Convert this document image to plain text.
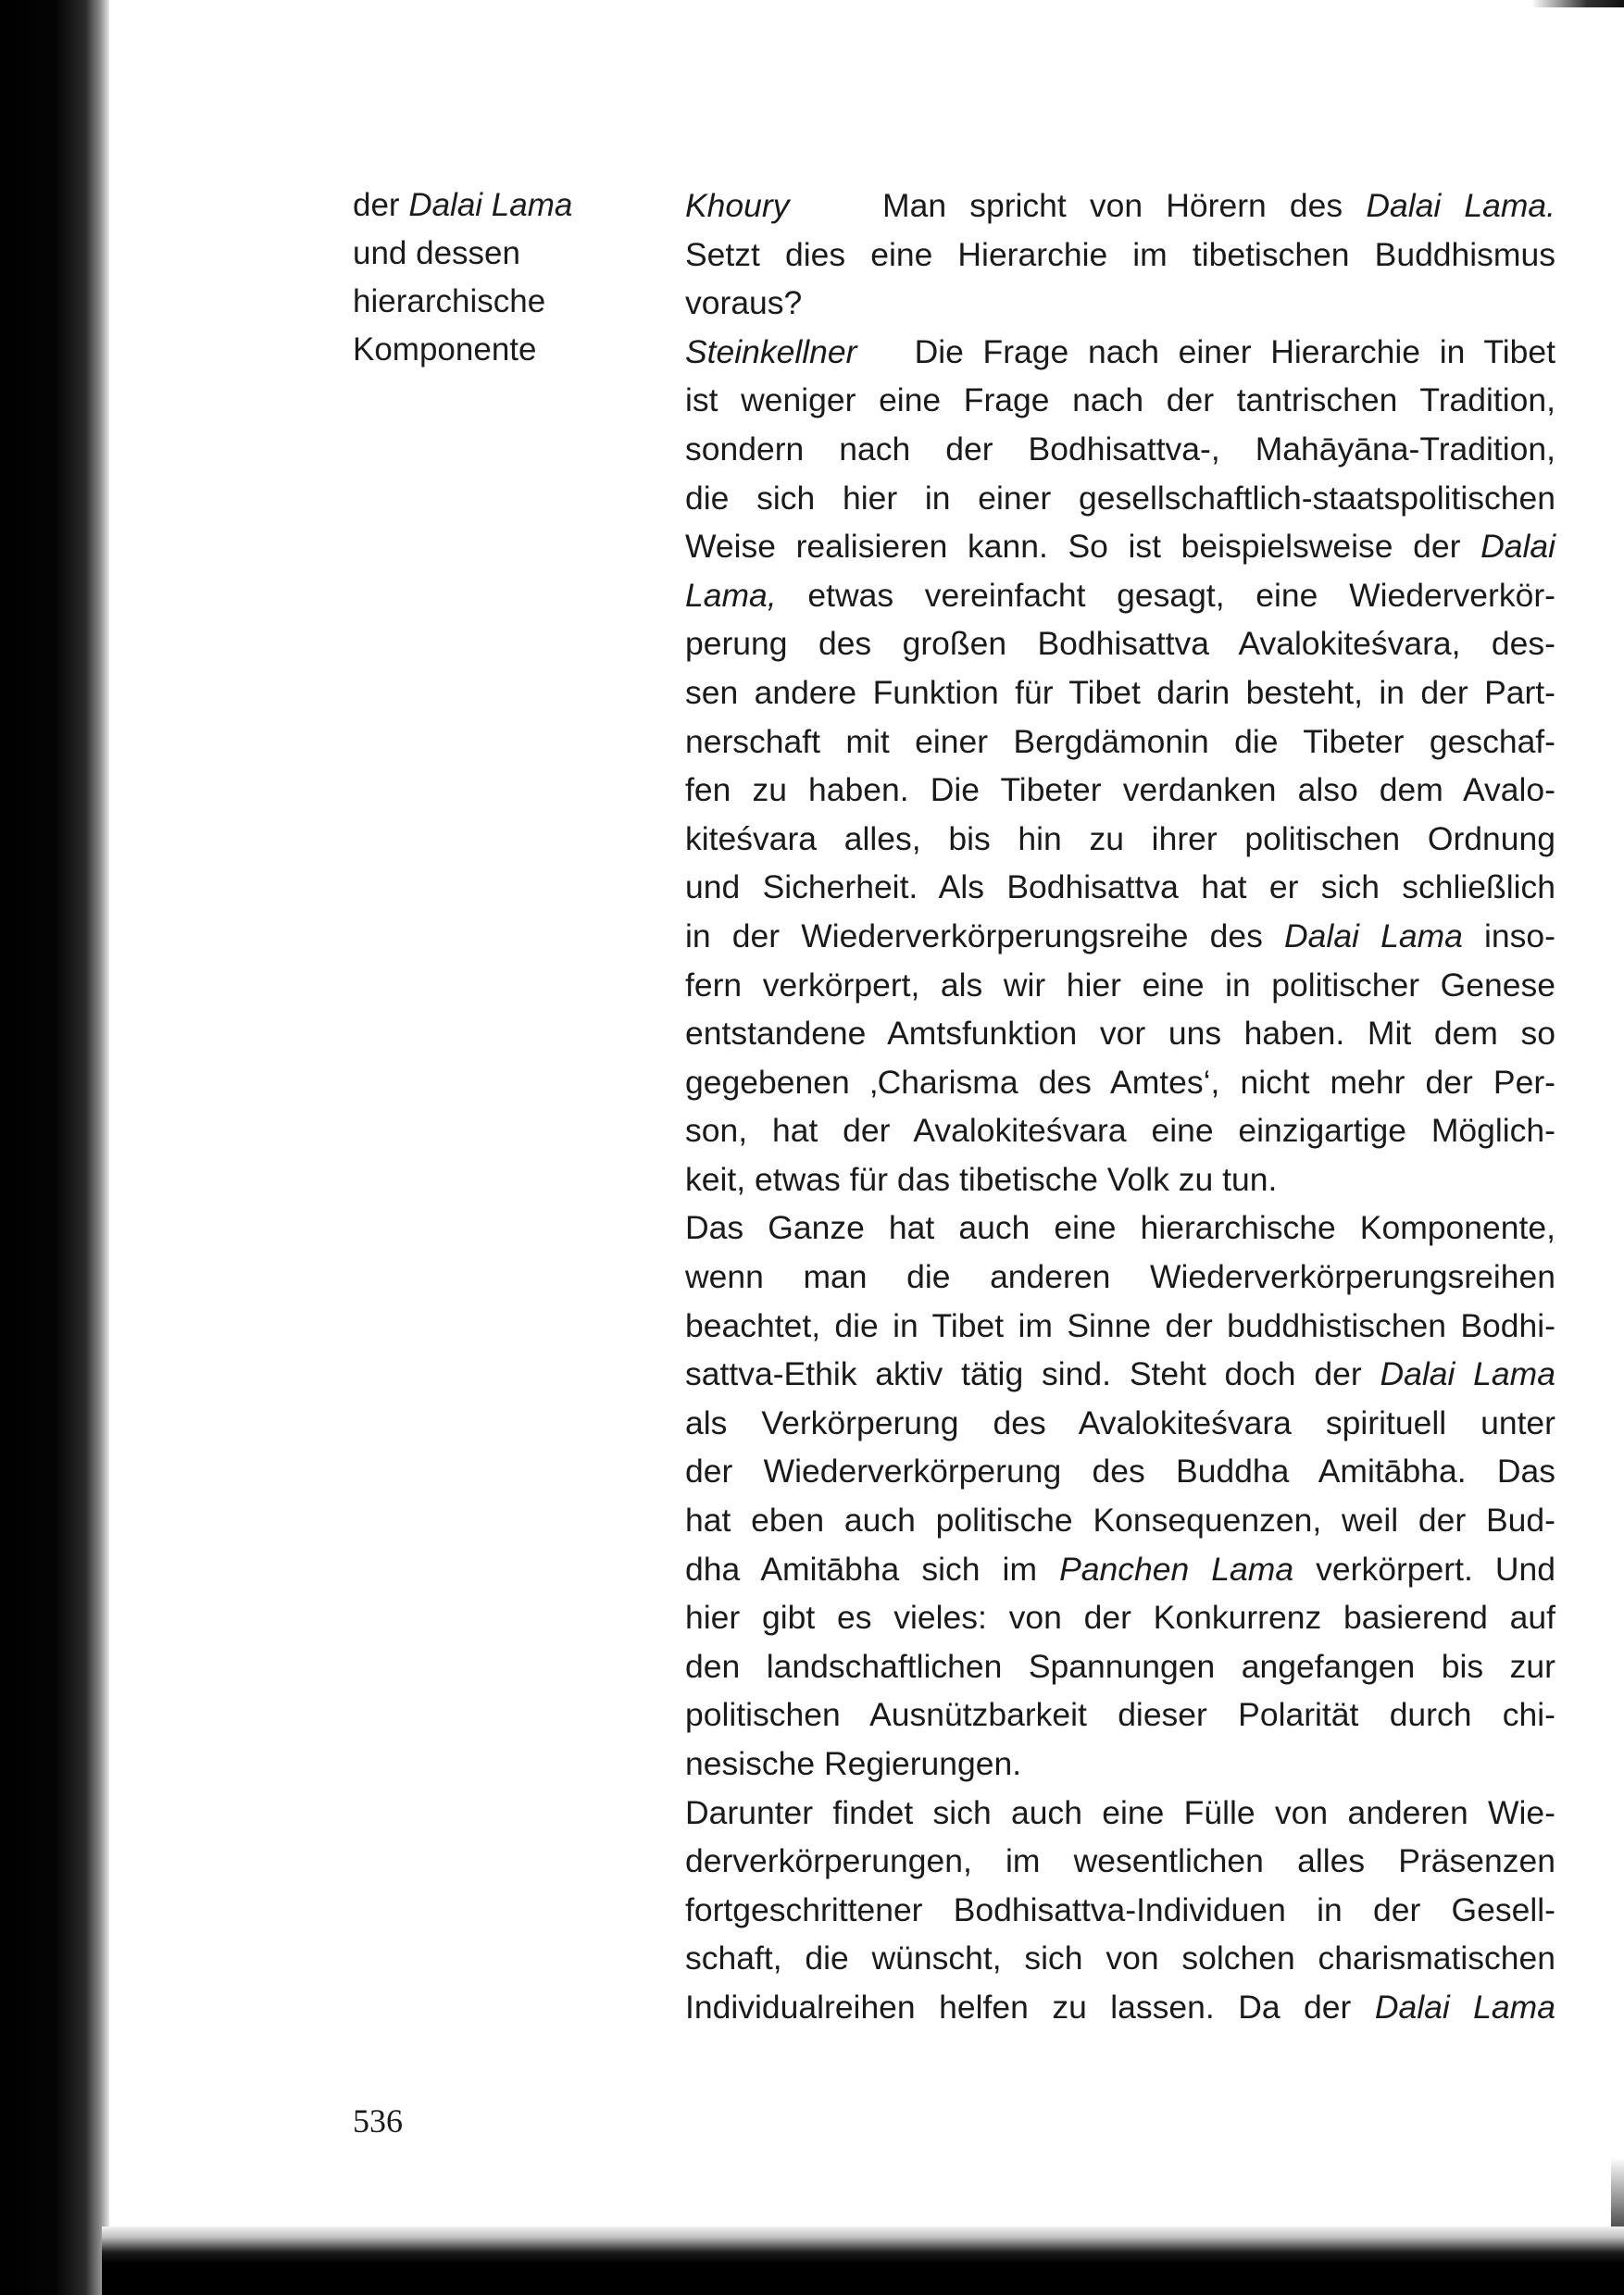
der Dalai Lama
und dessen
hierarchische
Komponente
Khoury	Man spricht von Hörern des Dalai Lama.
Setzt dies eine Hierarchie im tibetischen Buddhismus
voraus?
Steinkellner Die Frage nach einer Hierarchie in Tibet
ist weniger eine Frage nach der tantrischen Tradition,
sondern nach der Bodhisattva-, Mahāyāna-Tradition,
die sich hier in einer gesellschaftlich-staatspolitischen
Weise realisieren kann. So ist beispielsweise der Dalai
Lama, etwas vereinfacht gesagt, eine Wiederverkör-
perung des großen Bodhisattva Avalokiteśvara, des-
sen andere Funktion für Tibet darin besteht, in der Part-
nerschaft mit einer Bergdämonin die Tibeter geschaf-
fen zu haben. Die Tibeter verdanken also dem Avalo-
kiteśvara alles, bis hin zu ihrer politischen Ordnung
und Sicherheit. Als Bodhisattva hat er sich schließlich
in der Wiederverkörperungsreihe des Dalai Lama inso-
fern verkörpert, als wir hier eine in politischer Genese
entstandene Amtsfunktion vor uns haben. Mit dem so
gegebenen ‚Charisma des Amtes‘, nicht mehr der Per-
son, hat der Avalokiteśvara eine einzigartige Möglich-
keit, etwas für das tibetische Volk zu tun.
Das Ganze hat auch eine hierarchische Komponente,
wenn man die anderen Wiederverkörperungsreihen
beachtet, die in Tibet im Sinne der buddhistischen Bodhi-
sattva-Ethik aktiv tätig sind. Steht doch der Dalai Lama
als Verkörperung des Avalokiteśvara spirituell unter
der Wiederverkörperung des Buddha Amitābha. Das
hat eben auch politische Konsequenzen, weil der Bud-
dha Amitābha sich im Panchen Lama verkörpert. Und
hier gibt es vieles: von der Konkurrenz basierend auf
den landschaftlichen Spannungen angefangen bis zur
politischen Ausnützbarkeit dieser Polarität durch chi-
nesische Regierungen.
Darunter findet sich auch eine Fülle von anderen Wie-
derverkörperungen, im wesentlichen alles Präsenzen
fortgeschrittener Bodhisattva-Individuen in der Gesell-
schaft, die wünscht, sich von solchen charismatischen
Individualreihen helfen zu lassen. Da der Dalai Lama
536
